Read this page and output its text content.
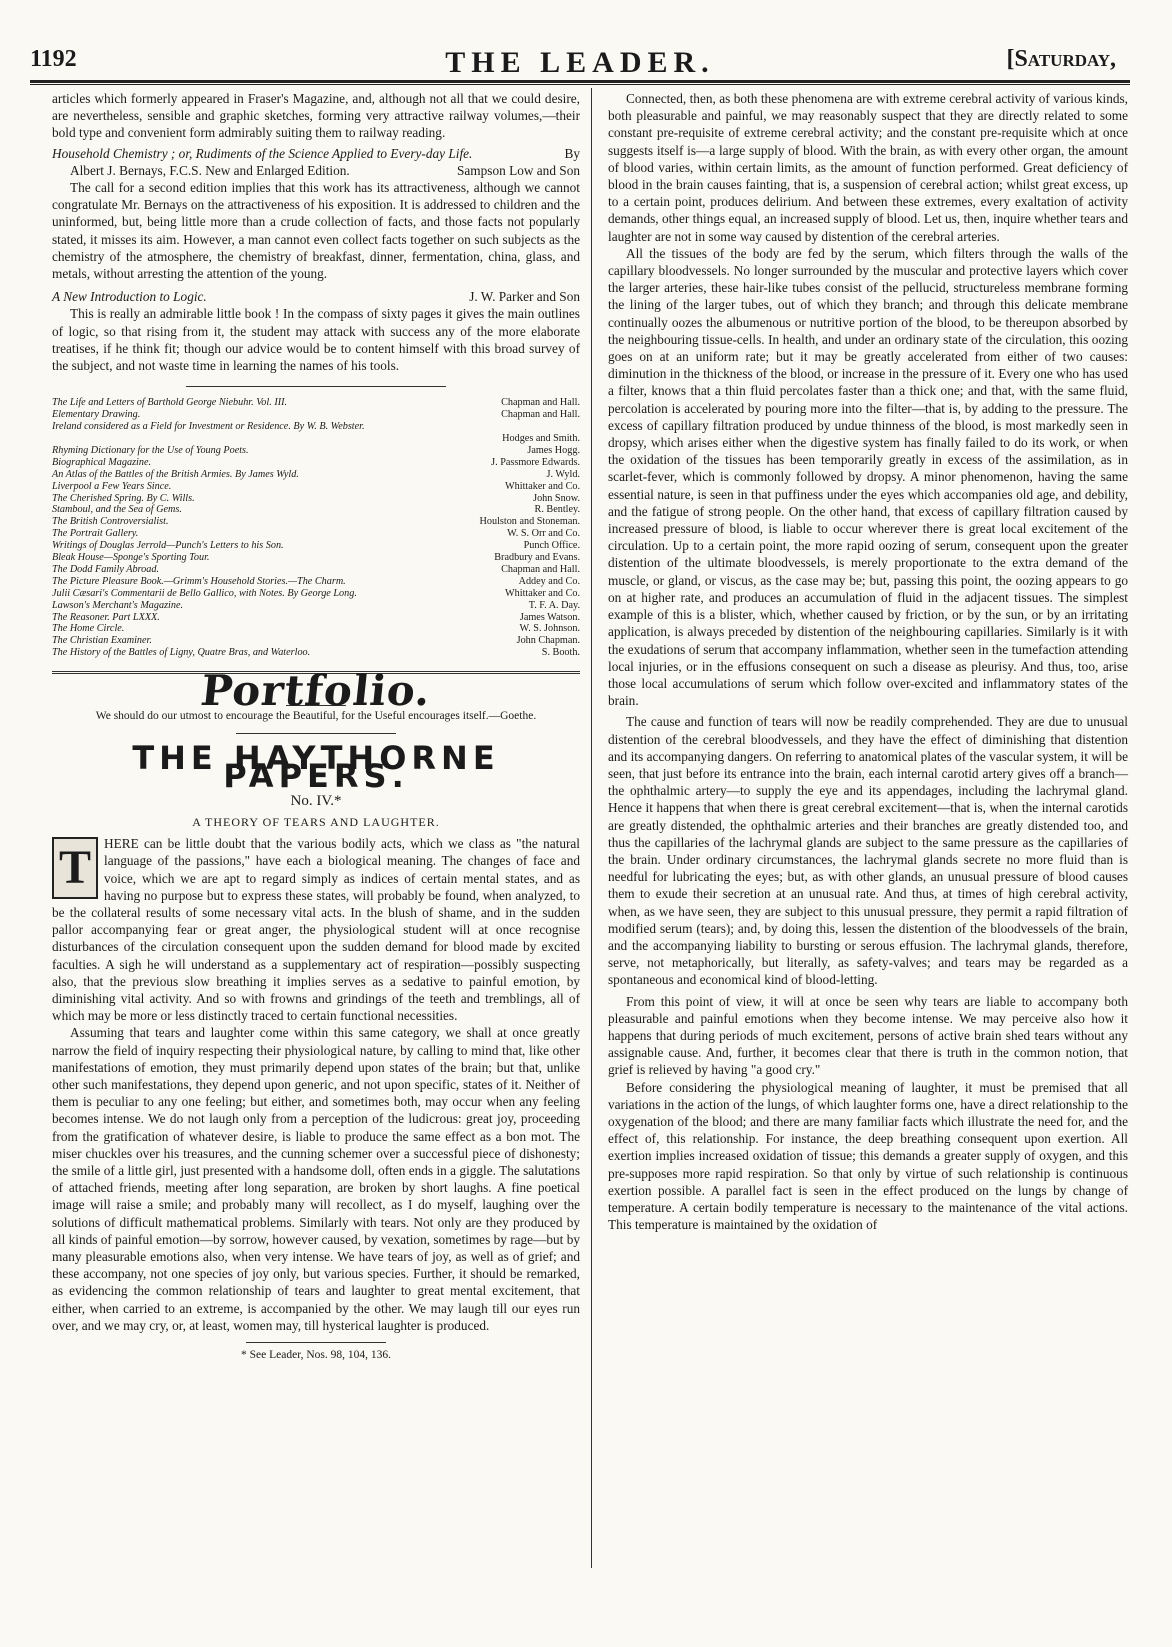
1192	THE LEADER.	[Saturday,

articles which formerly appeared in Fraser's Magazine, and, although not all that we could desire, are nevertheless, sensible and graphic sketches, forming very attractive railway volumes,—their bold type and convenient form admirably suiting them to railway reading.

Household Chemistry ; or, Rudiments of the Science Applied to Every-day Life.	By
Albert J. Bernays, F.C.S. New and Enlarged Edition.	Sampson Low and Son

The call for a second edition implies that this work has its attractiveness, although we cannot congratulate Mr. Bernays on the attractiveness of his exposition. It is addressed to children and the uninformed, but, being little more than a crude collection of facts, and those facts not popularly stated, it misses its aim. However, a man cannot even collect facts together on such subjects as the chemistry of the atmosphere, the chemistry of breakfast, dinner, fermentation, china, glass, and metals, without arresting the attention of the young.

A New Introduction to Logic.	J. W. Parker and Son

This is really an admirable little book ! In the compass of sixty pages it gives the main outlines of logic, so that rising from it, the student may attack with success any of the more elaborate treatises, if he think fit; though our advice would be to content himself with this broad survey of the subject, and not waste time in learning the names of his tools.

The Life and Letters of Barthold George Niebuhr. Vol. III.	Chapman and Hall.
Elementary Drawing.	Chapman and Hall.
Ireland considered as a Field for Investment or Residence. By W. B. Webster.
Hodges and Smith.
Rhyming Dictionary for the Use of Young Poets.	James Hogg.
Biographical Magazine.	J. Passmore Edwards.
An Atlas of the Battles of the British Armies. By James Wyld.	J. Wyld.
Liverpool a Few Years Since.	Whittaker and Co.
The Cherished Spring. By C. Wills.	John Snow.
Stamboul, and the Sea of Gems.	R. Bentley.
The British Controversialist.	Houlston and Stoneman.
The Portrait Gallery.	W. S. Orr and Co.
Writings of Douglas Jerrold—Punch's Letters to his Son.	Punch Office.
Bleak House—Sponge's Sporting Tour.	Bradbury and Evans.
The Dodd Family Abroad.	Chapman and Hall.
The Picture Pleasure Book.—Grimm's Household Stories.—The Charm.	Addey and Co.
Julii Cæsari's Commentarii de Bello Gallico, with Notes. By George Long.	Whittaker and Co.
Lawson's Merchant's Magazine.	T. F. A. Day.
The Reasoner. Part LXXX.	James Watson.
The Home Circle.	W. S. Johnson.
The Christian Examiner.	John Chapman.
The History of the Battles of Ligny, Quatre Bras, and Waterloo.	S. Booth.
Portfolio.
We should do our utmost to encourage the Beautiful, for the Useful encourages itself.—Goethe.
THE HAYTHORNE PAPERS.
No. IV.*
A THEORY OF TEARS AND LAUGHTER.

T HERE can be little doubt that the various bodily acts, which we class as "the natural language of the passions," have each a biological meaning. The changes of face and voice, which we are apt to regard simply as indices of certain mental states, and as having no purpose but to express these states, will probably be found, when analyzed, to be the collateral results of some necessary vital acts. In the blush of shame, and in the sudden pallor accompanying fear or great anger, the physiological student will at once recognise disturbances of the circulation consequent upon the sudden demand for blood made by excited faculties. A sigh he will understand as a supplementary act of respiration—possibly suspecting also, that the previous slow breathing it implies serves as a sedative to painful emotion, by diminishing vital activity. And so with frowns and grindings of the teeth and tremblings, all of which may be more or less distinctly traced to certain functional necessities.

Assuming that tears and laughter come within this same category, we shall at once greatly narrow the field of inquiry respecting their physiological nature, by calling to mind that, like other manifestations of emotion, they must primarily depend upon states of the brain; but that, unlike other such manifestations, they depend upon generic, and not upon specific, states of it. Neither of them is peculiar to any one feeling; but either, and sometimes both, may occur when any feeling becomes intense. We do not laugh only from a perception of the ludicrous: great joy, proceeding from the gratification of whatever desire, is liable to produce the same effect as a bon mot. The miser chuckles over his treasures, and the cunning schemer over a successful piece of dishonesty; the smile of a little girl, just presented with a handsome doll, often ends in a giggle. The salutations of attached friends, meeting after long separation, are broken by short laughs. A fine poetical image will raise a smile; and probably many will recollect, as I do myself, laughing over the solutions of difficult mathematical problems. Similarly with tears. Not only are they produced by all kinds of painful emotion—by sorrow, however caused, by vexation, sometimes by rage—but by many pleasurable emotions also, when very intense. We have tears of joy, as well as of grief; and these accompany, not one species of joy only, but various species. Further, it should be remarked, as evidencing the common relationship of tears and laughter to great mental excitement, that either, when carried to an extreme, is accompanied by the other. We may laugh till our eyes run over, and we may cry, or, at least, women may, till hysterical laughter is produced.

* See Leader, Nos. 98, 104, 136.

Connected, then, as both these phenomena are with extreme cerebral activity of various kinds, both pleasurable and painful, we may reasonably suspect that they are directly related to some constant pre-requisite of extreme cerebral activity; and the constant pre-requisite which at once suggests itself is—a large supply of blood. With the brain, as with every other organ, the amount of blood varies, within certain limits, as the amount of function performed. Great deficiency of blood in the brain causes fainting, that is, a suspension of cerebral action; whilst great excess, up to a certain point, produces delirium. And between these extremes, every exaltation of activity demands, other things equal, an increased supply of blood. Let us, then, inquire whether tears and laughter are not in some way caused by distention of the cerebral arteries.

All the tissues of the body are fed by the serum, which filters through the walls of the capillary bloodvessels. No longer surrounded by the muscular and protective layers which cover the larger arteries, these hair-like tubes consist of the pellucid, structureless membrane forming the lining of the larger tubes, out of which they branch; and through this delicate membrane continually oozes the albumenous or nutritive portion of the blood, to be thereupon absorbed by the neighbouring tissue-cells. In health, and under an ordinary state of the circulation, this oozing goes on at an uniform rate; but it may be greatly accelerated from either of two causes: diminution in the thickness of the blood, or increase in the pressure of it. Every one who has used a filter, knows that a thin fluid percolates faster than a thick one; and that, with the same fluid, percolation is accelerated by pouring more into the filter—that is, by adding to the pressure. The excess of capillary filtration produced by undue thinness of the blood, is most markedly seen in dropsy, which arises either when the digestive system has finally failed to do its work, or when the oxidation of the tissues has been temporarily greatly in excess of the assimilation, as in scarlet-fever, which is commonly followed by dropsy. A minor phenomenon, having the same essential nature, is seen in that puffiness under the eyes which accompanies old age, and debility, and the fatigue of strong people. On the other hand, that excess of capillary filtration caused by increased pressure of blood, is liable to occur wherever there is great local excitement of the circulation. Up to a certain point, the more rapid oozing of serum, consequent upon the greater distention of the ultimate bloodvessels, is merely proportionate to the extra demand of the muscle, or gland, or viscus, as the case may be; but, passing this point, the oozing appears to go on at higher rate, and produces an accumulation of fluid in the adjacent tissues. The simplest example of this is a blister, which, whether caused by friction, or by the sun, or by an irritating application, is always preceded by distention of the neighbouring capillaries. Similarly is it with the exudations of serum that accompany inflammation, whether seen in the tumefaction attending local injuries, or in the effusions consequent on such a disease as pleurisy. And thus, too, arise those local accumulations of serum which follow over-excited and inflammatory states of the brain.

The cause and function of tears will now be readily comprehended. They are due to unusual distention of the cerebral bloodvessels, and they have the effect of diminishing that distention and its accompanying dangers. On referring to anatomical plates of the vascular system, it will be seen, that just before its entrance into the brain, each internal carotid artery gives off a branch—the ophthalmic artery—to supply the eye and its appendages, including the lachrymal gland. Hence it happens that when there is great cerebral excitement—that is, when the internal carotids are greatly distended, the ophthalmic arteries and their branches are greatly distended too, and thus the capillaries of the lachrymal glands are subject to the same pressure as the capillaries of the brain. Under ordinary circumstances, the lachrymal glands secrete no more fluid than is needful for lubricating the eyes; but, as with other glands, an unusual pressure of blood causes them to exude their secretion at an unusual rate. And thus, at times of high cerebral activity, when, as we have seen, they are subject to this unusual pressure, they permit a rapid filtration of modified serum (tears); and, by doing this, lessen the distention of the bloodvessels of the brain, and the accompanying liability to bursting or serous effusion. The lachrymal glands, therefore, serve, not metaphorically, but literally, as safety-valves; and tears may be regarded as a spontaneous and economical kind of blood-letting.

From this point of view, it will at once be seen why tears are liable to accompany both pleasurable and painful emotions when they become intense. We may perceive also how it happens that during periods of much excitement, persons of active brain shed tears without any assignable cause. And, further, it becomes clear that there is truth in the common notion, that grief is relieved by having "a good cry."

Before considering the physiological meaning of laughter, it must be premised that all variations in the action of the lungs, of which laughter forms one, have a direct relationship to the oxygenation of the blood; and there are many familiar facts which illustrate the need for, and the effect of, this relationship. For instance, the deep breathing consequent upon exertion. All exertion implies increased oxidation of tissue; this demands a greater supply of oxygen, and this pre-supposes more rapid respiration. So that only by virtue of such relationship is continuous exertion possible. A parallel fact is seen in the effect produced on the lungs by change of temperature. A certain bodily temperature is necessary to the maintenance of the vital actions. This temperature is maintained by the oxidation of
